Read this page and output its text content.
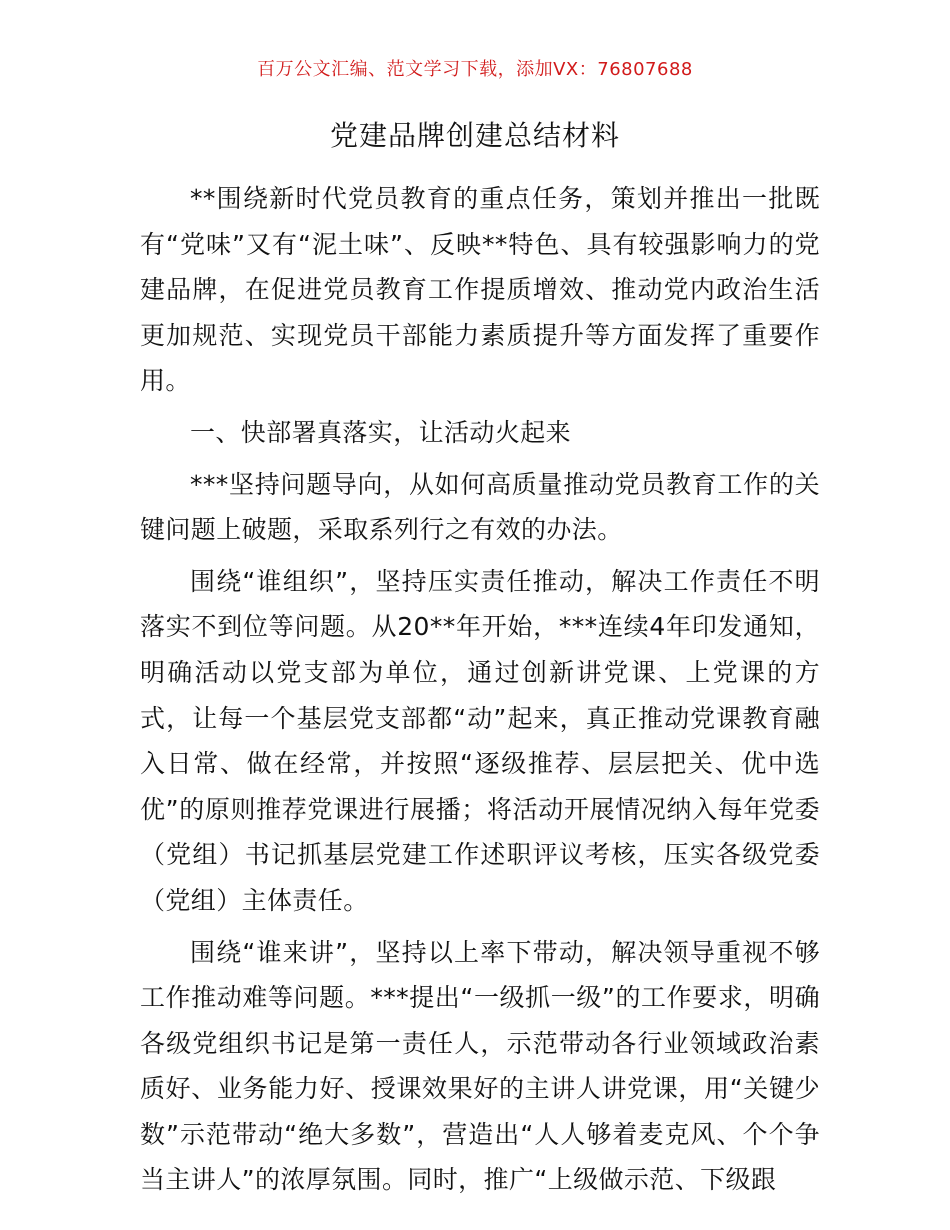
百万公文汇编、范文学习下载，添加VX：76807688
党建品牌创建总结材料

**围绕新时代党员教育的重点任务，策划并推出一批既有“党味”又有“泥土味”、反映**特色、具有较强影响力的党建品牌，在促进党员教育工作提质增效、推动党内政治生活更加规范、实现党员干部能力素质提升等方面发挥了重要作用。

一、快部署真落实，让活动火起来

***坚持问题导向，从如何高质量推动党员教育工作的关键问题上破题，采取系列行之有效的办法。

围绕“谁组织”，坚持压实责任推动，解决工作责任不明落实不到位等问题。从20**年开始，***连续4年印发通知，明确活动以党支部为单位，通过创新讲党课、上党课的方式，让每一个基层党支部都“动”起来，真正推动党课教育融入日常、做在经常，并按照“逐级推荐、层层把关、优中选优”的原则推荐党课进行展播；将活动开展情况纳入每年党委（党组）书记抓基层党建工作述职评议考核，压实各级党委（党组）主体责任。

围绕“谁来讲”，坚持以上率下带动，解决领导重视不够工作推动难等问题。***提出“一级抓一级”的工作要求，明确各级党组织书记是第一责任人，示范带动各行业领域政治素质好、业务能力好、授课效果好的主讲人讲党课，用“关键少数”示范带动“绝大多数”，营造出“人人够着麦克风、个个争当主讲人”的浓厚氛围。同时，推广“上级做示范、下级跟
